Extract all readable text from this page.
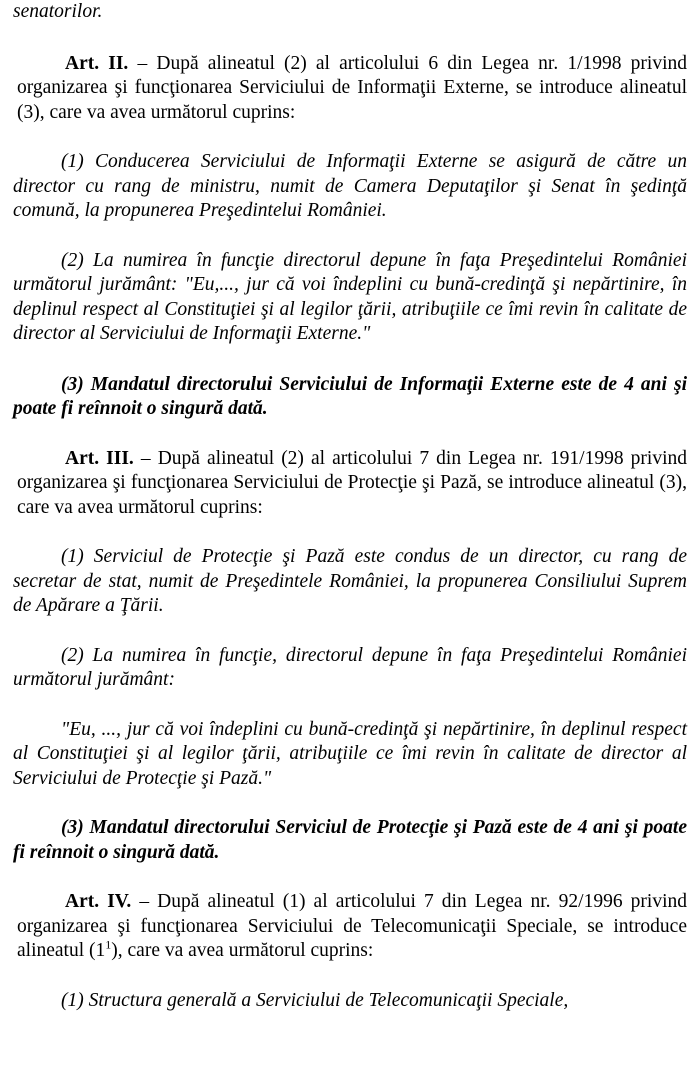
senatorilor.

Art. II. – După alineatul (2) al articolului 6 din Legea nr. 1/1998 privind organizarea şi funcţionarea Serviciului de Informaţii Externe, se introduce alineatul (3), care va avea următorul cuprins:

(1) Conducerea Serviciului de Informaţii Externe se asigură de către un director cu rang de ministru, numit de Camera Deputaţilor şi Senat în şedinţă comună, la propunerea Preşedintelui României.

(2) La numirea în funcţie directorul depune în faţa Preşedintelui României următorul jurământ: "Eu,..., jur că voi îndeplini cu bună-credinţă şi nepărtinire, în deplinul respect al Constituţiei şi al legilor ţării, atribuţiile ce îmi revin în calitate de director al Serviciului de Informaţii Externe."

(3) Mandatul directorului Serviciului de Informaţii Externe este de 4 ani şi poate fi reînnoit o singură dată.

Art. III. – După alineatul (2) al articolului 7 din Legea nr. 191/1998 privind organizarea şi funcţionarea Serviciului de Protecţie şi Pază, se introduce alineatul (3), care va avea următorul cuprins:

(1) Serviciul de Protecţie şi Pază este condus de un director, cu rang de secretar de stat, numit de Preşedintele României, la propunerea Consiliului Suprem de Apărare a Ţării.

(2) La numirea în funcţie, directorul depune în faţa Preşedintelui României următorul jurământ:

"Eu, ..., jur că voi îndeplini cu bună-credinţă şi nepărtinire, în deplinul respect al Constituţiei şi al legilor ţării, atribuţiile ce îmi revin în calitate de director al Serviciului de Protecţie şi Pază."

(3) Mandatul directorului Serviciul de Protecţie şi Pază este de 4 ani şi poate fi reînnoit o singură dată.

Art. IV. – După alineatul (1) al articolului 7 din Legea nr. 92/1996 privind organizarea şi funcţionarea Serviciului de Telecomunicaţii Speciale, se introduce alineatul $(1^1)$, care va avea următorul cuprins:

(1) Structura generală a Serviciului de Telecomunicaţii Speciale,
